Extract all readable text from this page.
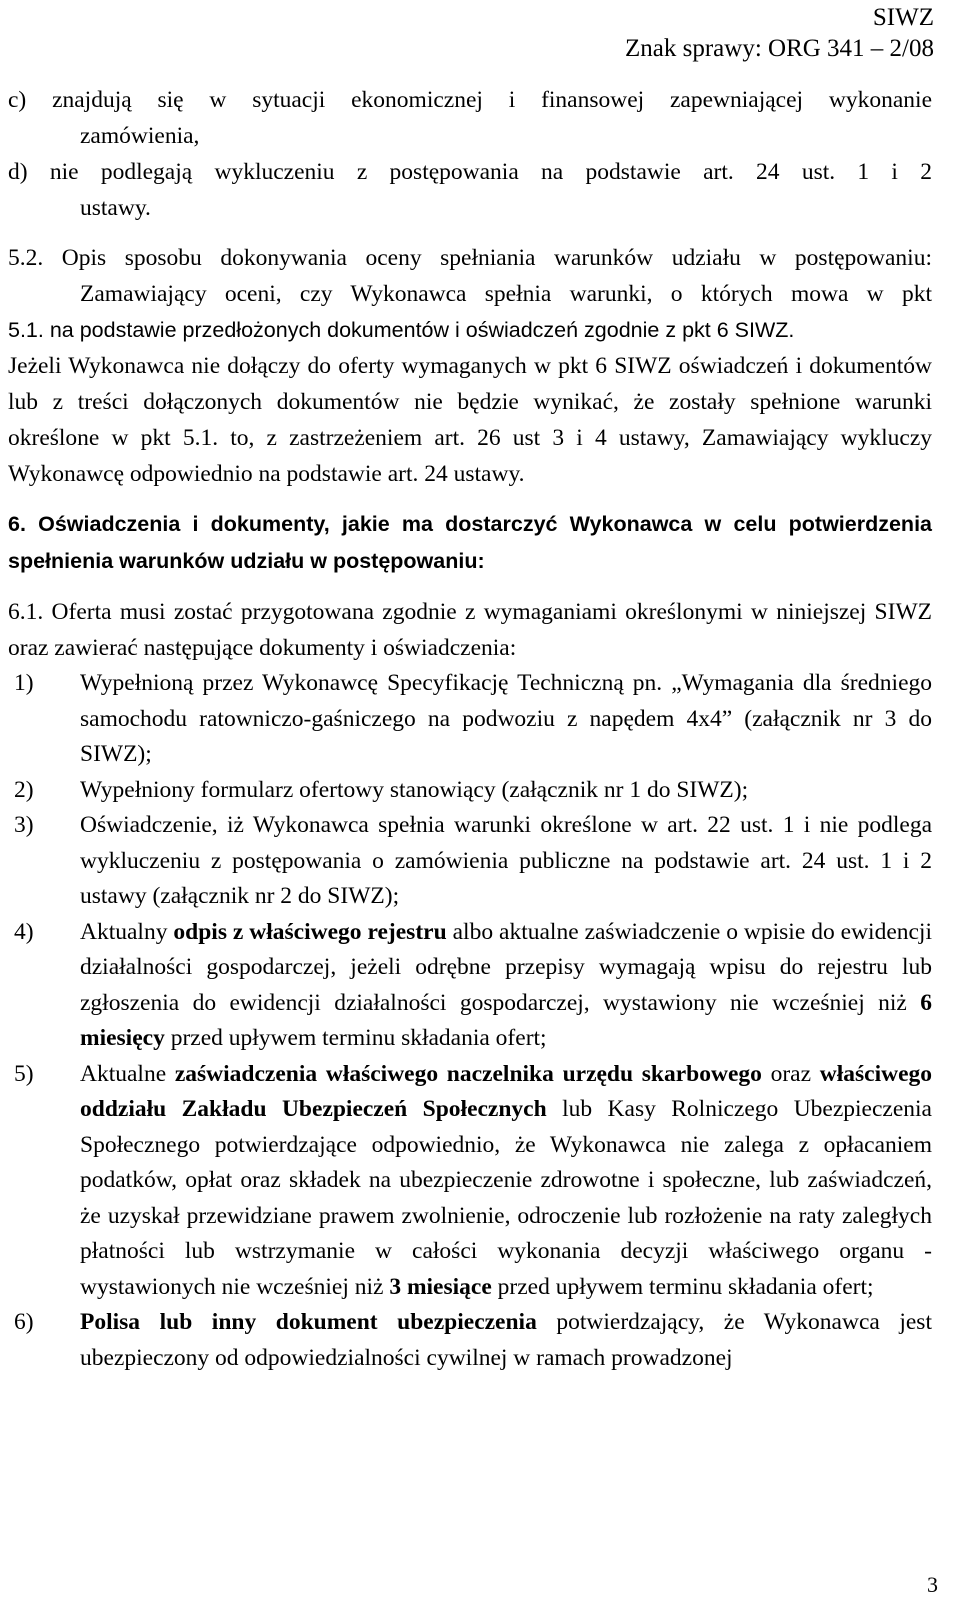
SIWZ
Znak sprawy: ORG 341 – 2/08

c) znajdują się w sytuacji ekonomicznej i finansowej zapewniającej wykonanie

zamówienia,

d) nie podlegają wykluczeniu z postępowania na podstawie art. 24 ust. 1 i 2

ustawy.

5.2. Opis sposobu dokonywania oceny spełniania warunków udziału w postępowaniu:

Zamawiający oceni, czy Wykonawca spełnia warunki, o których mowa w pkt

5.1. na podstawie przedłożonych dokumentów i oświadczeń zgodnie z pkt 6 SIWZ.

Jeżeli Wykonawca nie dołączy do oferty wymaganych w pkt 6 SIWZ oświadczeń i dokumentów lub z treści dołączonych dokumentów nie będzie wynikać, że zostały spełnione warunki określone w pkt 5.1. to, z zastrzeżeniem art. 26 ust 3 i 4 ustawy, Zamawiający wykluczy Wykonawcę odpowiednio na podstawie art. 24 ustawy.

6. Oświadczenia i dokumenty, jakie ma dostarczyć Wykonawca w celu potwierdzenia spełnienia warunków udziału w postępowaniu:

6.1. Oferta musi zostać przygotowana zgodnie z wymaganiami określonymi w niniejszej SIWZ oraz zawierać następujące dokumenty i oświadczenia:

1) Wypełnioną przez Wykonawcę Specyfikację Techniczną pn. „Wymagania dla średniego samochodu ratowniczo-gaśniczego na podwoziu z napędem 4x4” (załącznik nr 3 do SIWZ);
2) Wypełniony formularz ofertowy stanowiący (załącznik nr 1 do SIWZ);
3) Oświadczenie, iż Wykonawca spełnia warunki określone w art. 22 ust. 1 i nie podlega wykluczeniu z postępowania o zamówienia publiczne na podstawie art. 24 ust. 1 i 2 ustawy (załącznik nr 2 do SIWZ);
4) Aktualny odpis z właściwego rejestru albo aktualne zaświadczenie o wpisie do ewidencji działalności gospodarczej, jeżeli odrębne przepisy wymagają wpisu do rejestru lub zgłoszenia do ewidencji działalności gospodarczej, wystawiony nie wcześniej niż 6 miesięcy przed upływem terminu składania ofert;
5) Aktualne zaświadczenia właściwego naczelnika urzędu skarbowego oraz właściwego oddziału Zakładu Ubezpieczeń Społecznych lub Kasy Rolniczego Ubezpieczenia Społecznego potwierdzające odpowiednio, że Wykonawca nie zalega z opłacaniem podatków, opłat oraz składek na ubezpieczenie zdrowotne i społeczne, lub zaświadczeń, że uzyskał przewidziane prawem zwolnienie, odroczenie lub rozłożenie na raty zaległych płatności lub wstrzymanie w całości wykonania decyzji właściwego organu - wystawionych nie wcześniej niż 3 miesiące przed upływem terminu składania ofert;
6) Polisa lub inny dokument ubezpieczenia potwierdzający, że Wykonawca jest ubezpieczony od odpowiedzialności cywilnej w ramach prowadzonej
3
